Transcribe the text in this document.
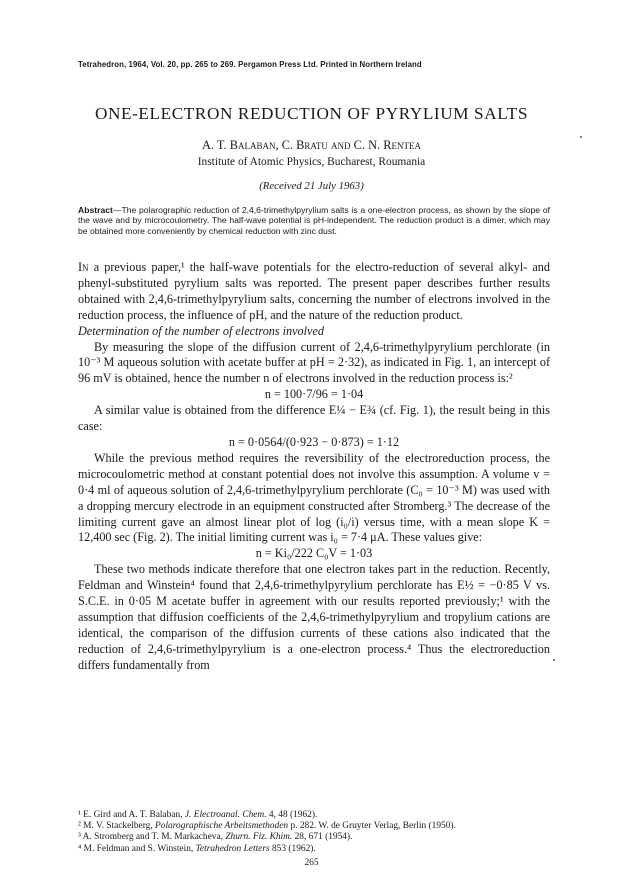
Tetrahedron, 1964, Vol. 20, pp. 265 to 269. Pergamon Press Ltd. Printed in Northern Ireland
ONE-ELECTRON REDUCTION OF PYRYLIUM SALTS
A. T. Balaban, C. Bratu and C. N. Rentea
Institute of Atomic Physics, Bucharest, Roumania
(Received 21 July 1963)
Abstract—The polarographic reduction of 2,4,6-trimethylpyrylium salts is a one-electron process, as shown by the slope of the wave and by microcoulometry. The half-wave potential is pH-independent. The reduction product is a dimer, which may be obtained more conveniently by chemical reduction with zinc dust.

In a previous paper,¹ the half-wave potentials for the electro-reduction of several alkyl- and phenyl-substituted pyrylium salts was reported. The present paper describes further results obtained with 2,4,6-trimethylpyrylium salts, concerning the number of electrons involved in the reduction process, the influence of pH, and the nature of the reduction product.

Determination of the number of electrons involved

By measuring the slope of the diffusion current of 2,4,6-trimethylpyrylium perchlorate (in 10⁻³ M aqueous solution with acetate buffer at pH = 2·32), as indicated in Fig. 1, an intercept of 96 mV is obtained, hence the number n of electrons involved in the reduction process is:²

n = 100·7/96 = 1·04

A similar value is obtained from the difference E¼ − E¾ (cf. Fig. 1), the result being in this case:

n = 0·0564/(0·923 − 0·873) = 1·12

While the previous method requires the reversibility of the electroreduction process, the microcoulometric method at constant potential does not involve this assumption. A volume v = 0·4 ml of aqueous solution of 2,4,6-trimethylpyrylium perchlorate (C₀ = 10⁻³ M) was used with a dropping mercury electrode in an equipment constructed after Stromberg.³ The decrease of the limiting current gave an almost linear plot of log (i₀/i) versus time, with a mean slope K = 12,400 sec (Fig. 2). The initial limiting current was i₀ = 7·4 μA. These values give:

n = Ki₀/222 C₀V = 1·03

These two methods indicate therefore that one electron takes part in the reduction. Recently, Feldman and Winstein⁴ found that 2,4,6-trimethylpyrylium perchlorate has E½ = −0·85 V vs. S.C.E. in 0·05 M acetate buffer in agreement with our results reported previously;¹ with the assumption that diffusion coefficients of the 2,4,6-trimethylpyrylium and tropylium cations are identical, the comparison of the diffusion currents of these cations also indicated that the reduction of 2,4,6-trimethylpyrylium is a one-electron process.⁴ Thus the electroreduction differs fundamentally from

¹ E. Gird and A. T. Balaban, J. Electroanal. Chem. 4, 48 (1962).
² M. V. Stackelberg, Polarographische Arbeitsmethoden p. 282. W. de Gruyter Verlag, Berlin (1950).
³ A. Stromberg and T. M. Markacheva, Zhurn. Fiz. Khim. 28, 671 (1954).
⁴ M. Feldman and S. Winstein, Tetrahedron Letters 853 (1962).
265
